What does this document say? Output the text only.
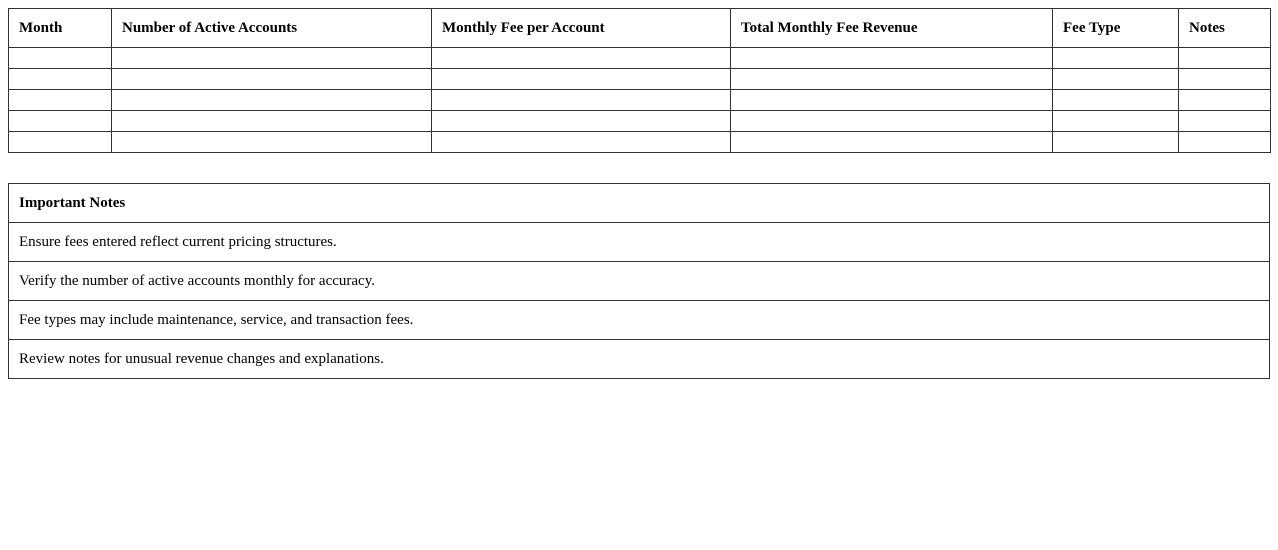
Month	Number of Active Accounts	Monthly Fee per Account	Total Monthly Fee Revenue	Fee Type	Notes

Important Notes
Ensure fees entered reflect current pricing structures.
Verify the number of active accounts monthly for accuracy.
Fee types may include maintenance, service, and transaction fees.
Review notes for unusual revenue changes and explanations.
